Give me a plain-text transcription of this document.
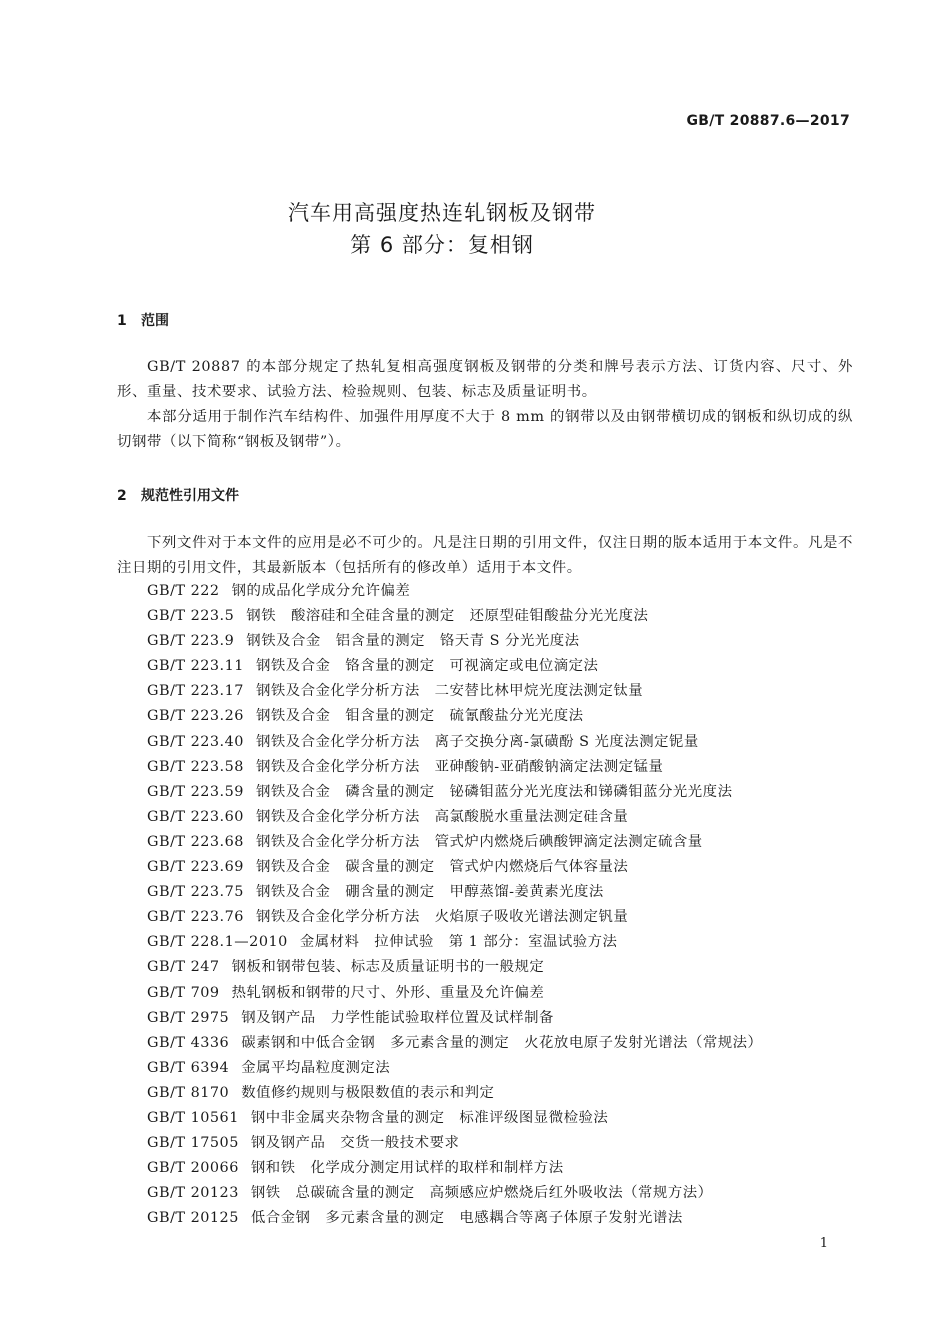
GB/T 20887.6—2017
汽车用高强度热连轧钢板及钢带
第 6 部分：复相钢
1 范围

GB/T 20887 的本部分规定了热轧复相高强度钢板及钢带的分类和牌号表示方法、订货内容、尺寸、外形、重量、技术要求、试验方法、检验规则、包装、标志及质量证明书。

本部分适用于制作汽车结构件、加强件用厚度不大于 8 mm 的钢带以及由钢带横切成的钢板和纵切成的纵切钢带（以下简称“钢板及钢带”）。

2 规范性引用文件

下列文件对于本文件的应用是必不可少的。凡是注日期的引用文件，仅注日期的版本适用于本文件。凡是不注日期的引用文件，其最新版本（包括所有的修改单）适用于本文件。

GB/T 222 钢的成品化学成分允许偏差
GB/T 223.5 钢铁　酸溶硅和全硅含量的测定　还原型硅钼酸盐分光光度法
GB/T 223.9 钢铁及合金　铝含量的测定　铬天青 S 分光光度法
GB/T 223.11 钢铁及合金　铬含量的测定　可视滴定或电位滴定法
GB/T 223.17 钢铁及合金化学分析方法　二安替比林甲烷光度法测定钛量
GB/T 223.26 钢铁及合金　钼含量的测定　硫氰酸盐分光光度法
GB/T 223.40 钢铁及合金化学分析方法　离子交换分离-氯磺酚 S 光度法测定铌量
GB/T 223.58 钢铁及合金化学分析方法　亚砷酸钠-亚硝酸钠滴定法测定锰量
GB/T 223.59 钢铁及合金　磷含量的测定　铋磷钼蓝分光光度法和锑磷钼蓝分光光度法
GB/T 223.60 钢铁及合金化学分析方法　高氯酸脱水重量法测定硅含量
GB/T 223.68 钢铁及合金化学分析方法　管式炉内燃烧后碘酸钾滴定法测定硫含量
GB/T 223.69 钢铁及合金　碳含量的测定　管式炉内燃烧后气体容量法
GB/T 223.75 钢铁及合金　硼含量的测定　甲醇蒸馏-姜黄素光度法
GB/T 223.76 钢铁及合金化学分析方法　火焰原子吸收光谱法测定钒量
GB/T 228.1—2010 金属材料　拉伸试验　第 1 部分：室温试验方法
GB/T 247 钢板和钢带包装、标志及质量证明书的一般规定
GB/T 709 热轧钢板和钢带的尺寸、外形、重量及允许偏差
GB/T 2975 钢及钢产品　力学性能试验取样位置及试样制备
GB/T 4336 碳素钢和中低合金钢　多元素含量的测定　火花放电原子发射光谱法（常规法）
GB/T 6394 金属平均晶粒度测定法
GB/T 8170 数值修约规则与极限数值的表示和判定
GB/T 10561 钢中非金属夹杂物含量的测定　标准评级图显微检验法
GB/T 17505 钢及钢产品　交货一般技术要求
GB/T 20066 钢和铁　化学成分测定用试样的取样和制样方法
GB/T 20123 钢铁　总碳硫含量的测定　高频感应炉燃烧后红外吸收法（常规方法）
GB/T 20125 低合金钢　多元素含量的测定　电感耦合等离子体原子发射光谱法
1
